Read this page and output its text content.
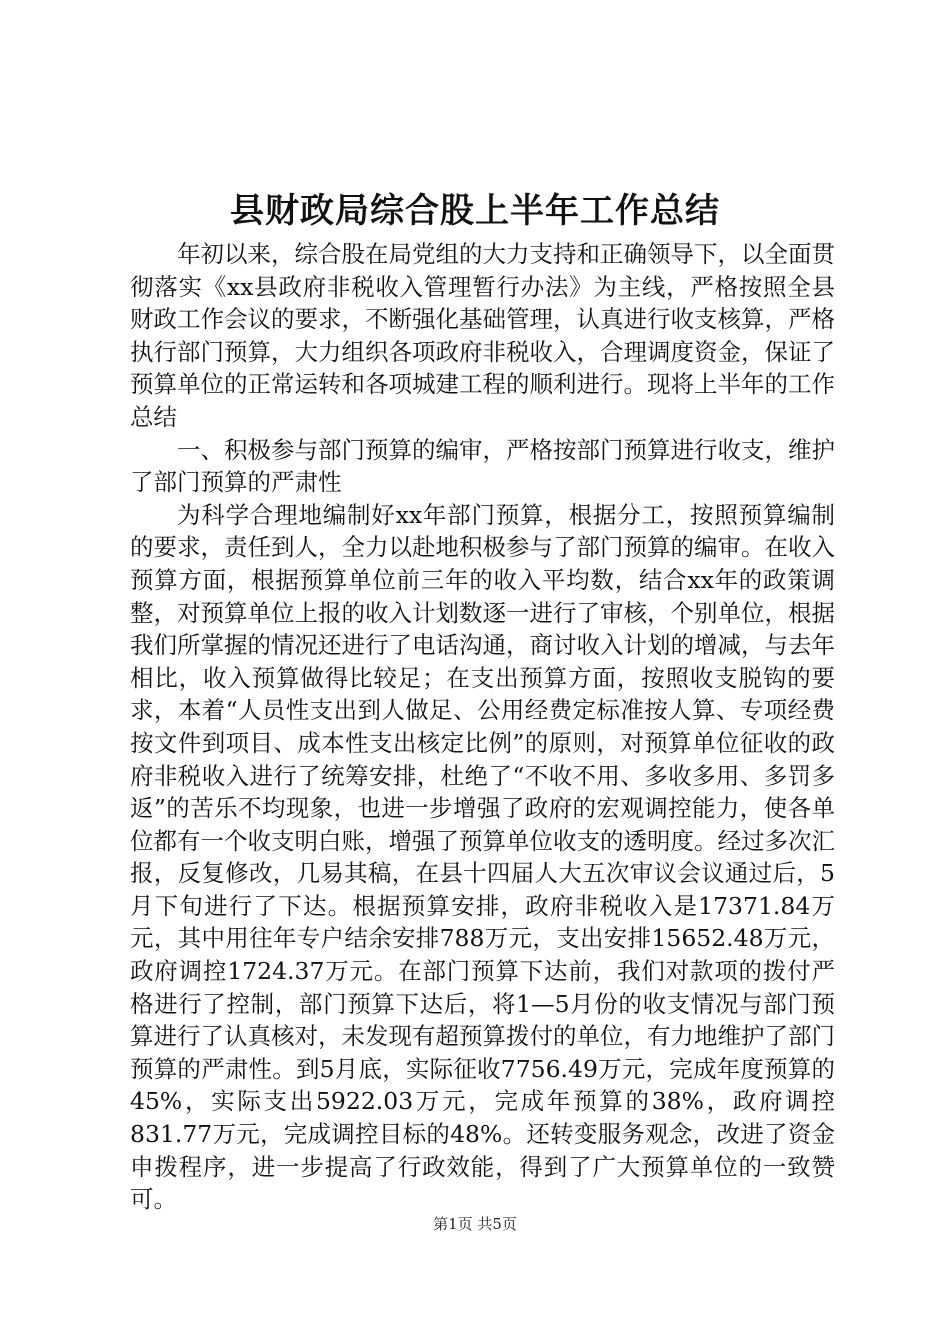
县财政局综合股上半年工作总结

年初以来，综合股在局党组的大力支持和正确领导下，以全面贯彻落实《xx县政府非税收入管理暂行办法》为主线，严格按照全县财政工作会议的要求，不断强化基础管理，认真进行收支核算，严格执行部门预算，大力组织各项政府非税收入，合理调度资金，保证了预算单位的正常运转和各项城建工程的顺利进行。现将上半年的工作总结

一、积极参与部门预算的编审，严格按部门预算进行收支，维护了部门预算的严肃性

为科学合理地编制好xx年部门预算，根据分工，按照预算编制的要求，责任到人，全力以赴地积极参与了部门预算的编审。在收入预算方面，根据预算单位前三年的收入平均数，结合xx年的政策调整，对预算单位上报的收入计划数逐一进行了审核，个别单位，根据我们所掌握的情况还进行了电话沟通，商讨收入计划的增减，与去年相比，收入预算做得比较足；在支出预算方面，按照收支脱钩的要求，本着“人员性支出到人做足、公用经费定标准按人算、专项经费按文件到项目、成本性支出核定比例”的原则，对预算单位征收的政府非税收入进行了统筹安排，杜绝了“不收不用、多收多用、多罚多返”的苦乐不均现象，也进一步增强了政府的宏观调控能力，使各单位都有一个收支明白账，增强了预算单位收支的透明度。经过多次汇报，反复修改，几易其稿，在县十四届人大五次审议会议通过后，5月下旬进行了下达。根据预算安排，政府非税收入是17371.84万元，其中用往年专户结余安排788万元，支出安排15652.48万元，政府调控1724.37万元。在部门预算下达前，我们对款项的拨付严格进行了控制，部门预算下达后，将1—5月份的收支情况与部门预算进行了认真核对，未发现有超预算拨付的单位，有力地维护了部门预算的严肃性。到5月底，实际征收7756.49万元，完成年度预算的45%，实际支出5922.03万元，完成年预算的38%，政府调控831.77万元，完成调控目标的48%。还转变服务观念，改进了资金申拨程序，进一步提高了行政效能，得到了广大预算单位的一致赞可。

第1页 共5页
